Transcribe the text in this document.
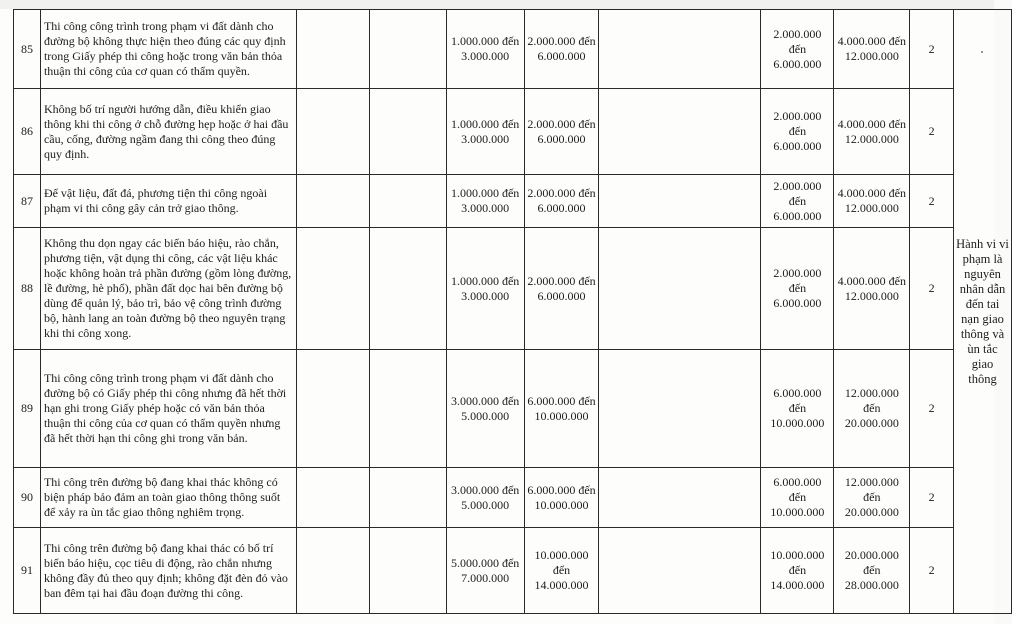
85	Thi công công trình trong phạm vi đất dành cho đường bộ không thực hiện theo đúng các quy định trong Giấy phép thi công hoặc trong văn bản thỏa thuận thi công của cơ quan có thẩm quyền.			1.000.000 đến 3.000.000	2.000.000 đến 6.000.000		2.000.000 đến 6.000.000	4.000.000 đến 12.000.000	2	Hành vi vi phạm là nguyên nhân dẫn đến tai nạn giao thông và ùn tắc giao thông
86	Không bố trí người hướng dẫn, điều khiển giao thông khi thi công ở chỗ đường hẹp hoặc ở hai đầu cầu, cống, đường ngầm đang thi công theo đúng quy định.			1.000.000 đến 3.000.000	2.000.000 đến 6.000.000		2.000.000 đến 6.000.000	4.000.000 đến 12.000.000	2	
87	Để vật liệu, đất đá, phương tiện thi công ngoài phạm vi thi công gây cản trở giao thông.			1.000.000 đến 3.000.000	2.000.000 đến 6.000.000		2.000.000 đến 6.000.000	4.000.000 đến 12.000.000	2	
88	Không thu dọn ngay các biển báo hiệu, rào chắn, phương tiện, vật dụng thi công, các vật liệu khác hoặc không hoàn trả phần đường (gồm lòng đường, lề đường, hè phố), phần đất dọc hai bên đường bộ dùng để quản lý, bảo trì, bảo vệ công trình đường bộ, hành lang an toàn đường bộ theo nguyên trạng khi thi công xong.			1.000.000 đến 3.000.000	2.000.000 đến 6.000.000		2.000.000 đến 6.000.000	4.000.000 đến 12.000.000	2	
89	Thi công công trình trong phạm vi đất dành cho đường bộ có Giấy phép thi công nhưng đã hết thời hạn ghi trong Giấy phép hoặc có văn bản thỏa thuận thi công của cơ quan có thẩm quyền nhưng đã hết thời hạn thi công ghi trong văn bản.			3.000.000 đến 5.000.000	6.000.000 đến 10.000.000		6.000.000 đến 10.000.000	12.000.000 đến 20.000.000	2	
90	Thi công trên đường bộ đang khai thác không có biện pháp bảo đảm an toàn giao thông thông suốt để xảy ra ùn tắc giao thông nghiêm trọng.			3.000.000 đến 5.000.000	6.000.000 đến 10.000.000		6.000.000 đến 10.000.000	12.000.000 đến 20.000.000	2	
91	Thi công trên đường bộ đang khai thác có bố trí biển báo hiệu, cọc tiêu di động, rào chắn nhưng không đầy đủ theo quy định; không đặt đèn đỏ vào ban đêm tại hai đầu đoạn đường thi công.			5.000.000 đến 7.000.000	10.000.000 đến 14.000.000		10.000.000 đến 14.000.000	20.000.000 đến 28.000.000	2	
